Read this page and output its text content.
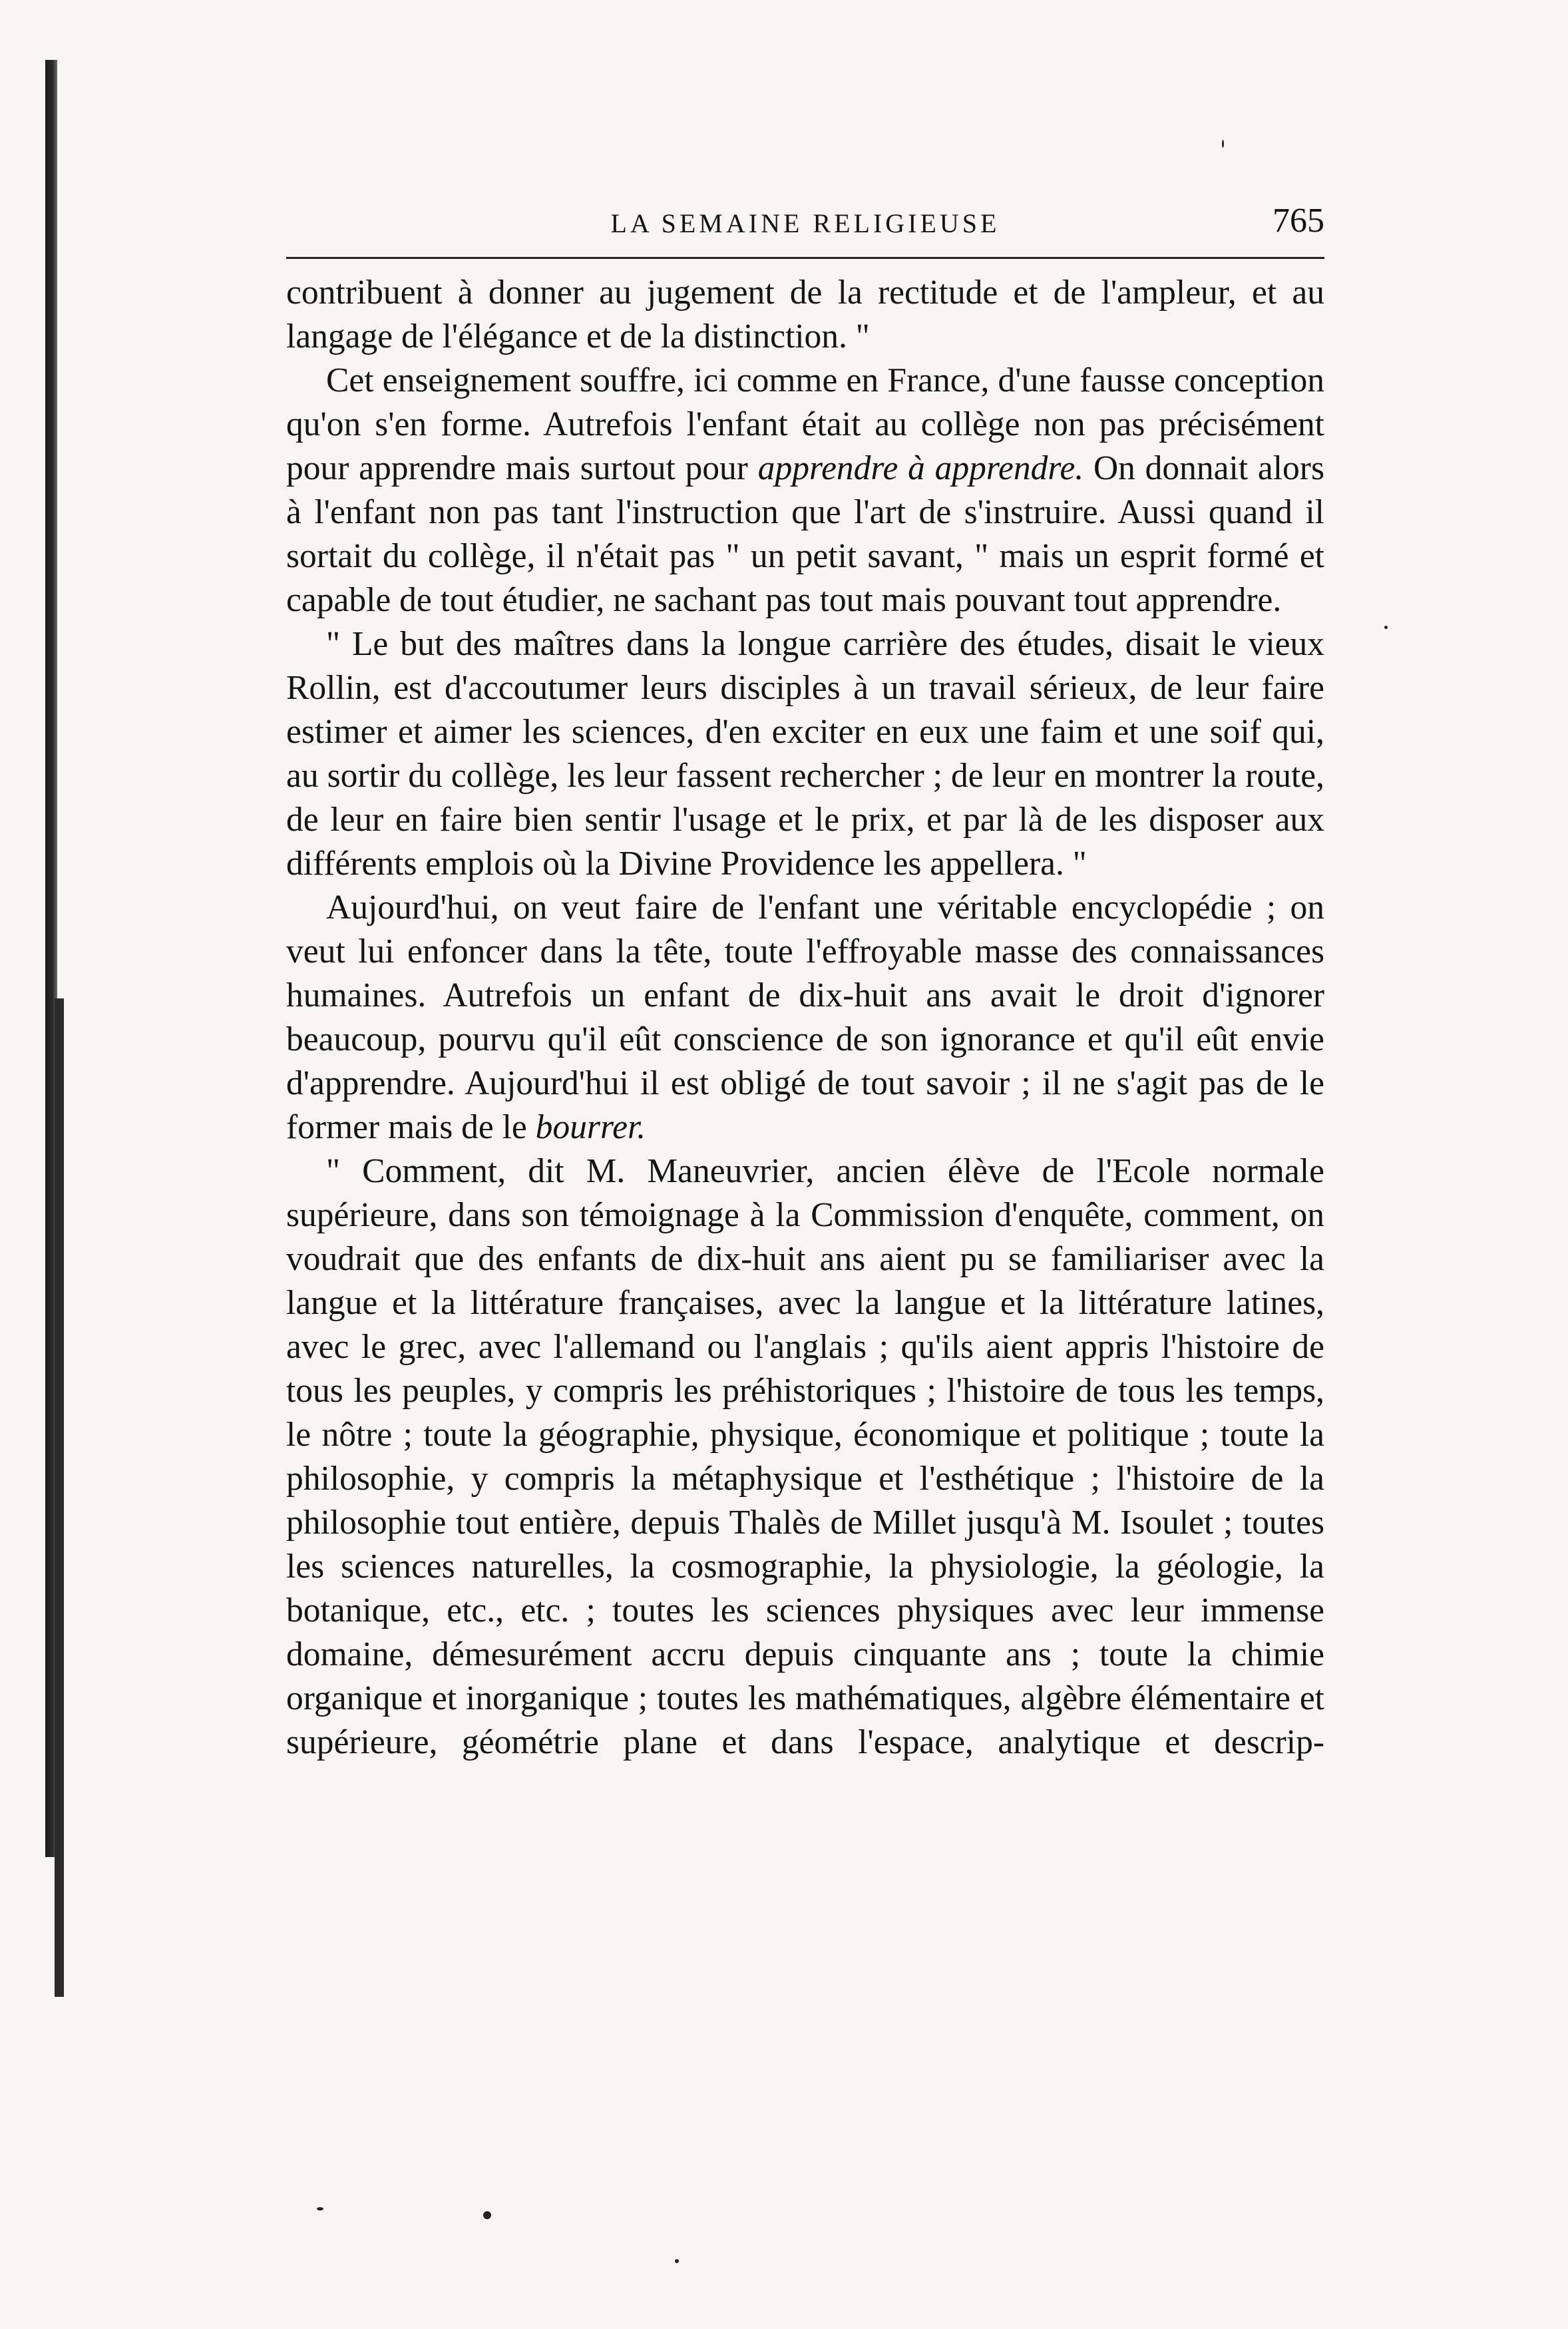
LA SEMAINE RELIGIEUSE	765

contribuent à donner au jugement de la rectitude et de l'ampleur, et au langage de l'élégance et de la distinction. "

Cet enseignement souffre, ici comme en France, d'une fausse conception qu'on s'en forme. Autrefois l'enfant était au collège non pas précisément pour apprendre mais surtout pour apprendre à apprendre. On donnait alors à l'enfant non pas tant l'instruction que l'art de s'instruire. Aussi quand il sortait du collège, il n'était pas " un petit savant, " mais un esprit formé et capable de tout étudier, ne sachant pas tout mais pouvant tout apprendre.

" Le but des maîtres dans la longue carrière des études, disait le vieux Rollin, est d'accoutumer leurs disciples à un travail sérieux, de leur faire estimer et aimer les sciences, d'en exciter en eux une faim et une soif qui, au sortir du collège, les leur fassent rechercher ; de leur en montrer la route, de leur en faire bien sentir l'usage et le prix, et par là de les disposer aux différents emplois où la Divine Providence les appellera. "

Aujourd'hui, on veut faire de l'enfant une véritable encyclopédie ; on veut lui enfoncer dans la tête, toute l'effroyable masse des connaissances humaines. Autrefois un enfant de dix-huit ans avait le droit d'ignorer beaucoup, pourvu qu'il eût conscience de son ignorance et qu'il eût envie d'apprendre. Aujourd'hui il est obligé de tout savoir ; il ne s'agit pas de le former mais de le bourrer.

" Comment, dit M. Maneuvrier, ancien élève de l'Ecole normale supérieure, dans son témoignage à la Commission d'enquête, comment, on voudrait que des enfants de dix-huit ans aient pu se familiariser avec la langue et la littérature françaises, avec la langue et la littérature latines, avec le grec, avec l'allemand ou l'anglais ; qu'ils aient appris l'histoire de tous les peuples, y compris les préhistoriques ; l'histoire de tous les temps, le nôtre ; toute la géographie, physique, économique et politique ; toute la philosophie, y compris la métaphysique et l'esthétique ; l'histoire de la philosophie tout entière, depuis Thalès de Millet jusqu'à M. Isoulet ; toutes les sciences naturelles, la cosmographie, la physiologie, la géologie, la botanique, etc., etc. ; toutes les sciences physiques avec leur immense domaine, démesurément accru depuis cinquante ans ; toute la chimie organique et inorganique ; toutes les mathématiques, algèbre élémentaire et supérieure, géométrie plane et dans l'espace, analytique et descrip-
